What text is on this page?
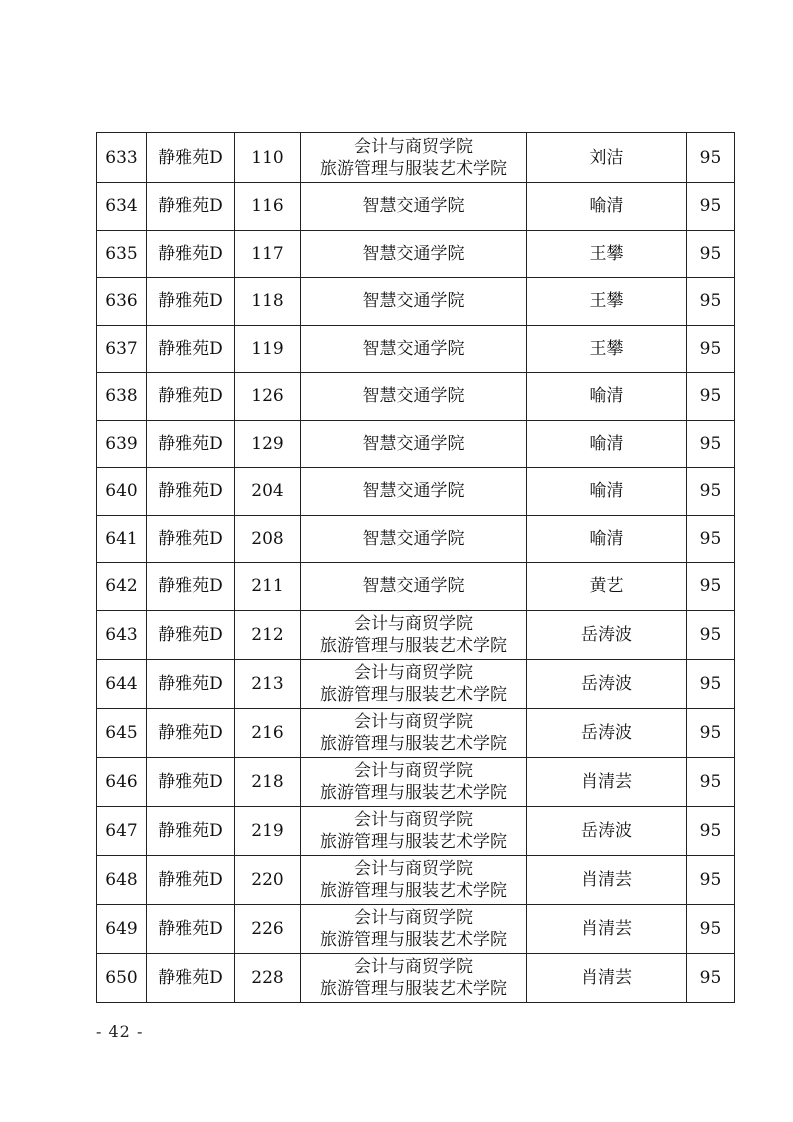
633	静雅苑D	110	会计与商贸学院
旅游管理与服装艺术学院	刘洁	95
634	静雅苑D	116	智慧交通学院	喻清	95
635	静雅苑D	117	智慧交通学院	王攀	95
636	静雅苑D	118	智慧交通学院	王攀	95
637	静雅苑D	119	智慧交通学院	王攀	95
638	静雅苑D	126	智慧交通学院	喻清	95
639	静雅苑D	129	智慧交通学院	喻清	95
640	静雅苑D	204	智慧交通学院	喻清	95
641	静雅苑D	208	智慧交通学院	喻清	95
642	静雅苑D	211	智慧交通学院	黄艺	95
643	静雅苑D	212	会计与商贸学院
旅游管理与服装艺术学院	岳涛波	95
644	静雅苑D	213	会计与商贸学院
旅游管理与服装艺术学院	岳涛波	95
645	静雅苑D	216	会计与商贸学院
旅游管理与服装艺术学院	岳涛波	95
646	静雅苑D	218	会计与商贸学院
旅游管理与服装艺术学院	肖清芸	95
647	静雅苑D	219	会计与商贸学院
旅游管理与服装艺术学院	岳涛波	95
648	静雅苑D	220	会计与商贸学院
旅游管理与服装艺术学院	肖清芸	95
649	静雅苑D	226	会计与商贸学院
旅游管理与服装艺术学院	肖清芸	95
650	静雅苑D	228	会计与商贸学院
旅游管理与服装艺术学院	肖清芸	95
- 42 -
